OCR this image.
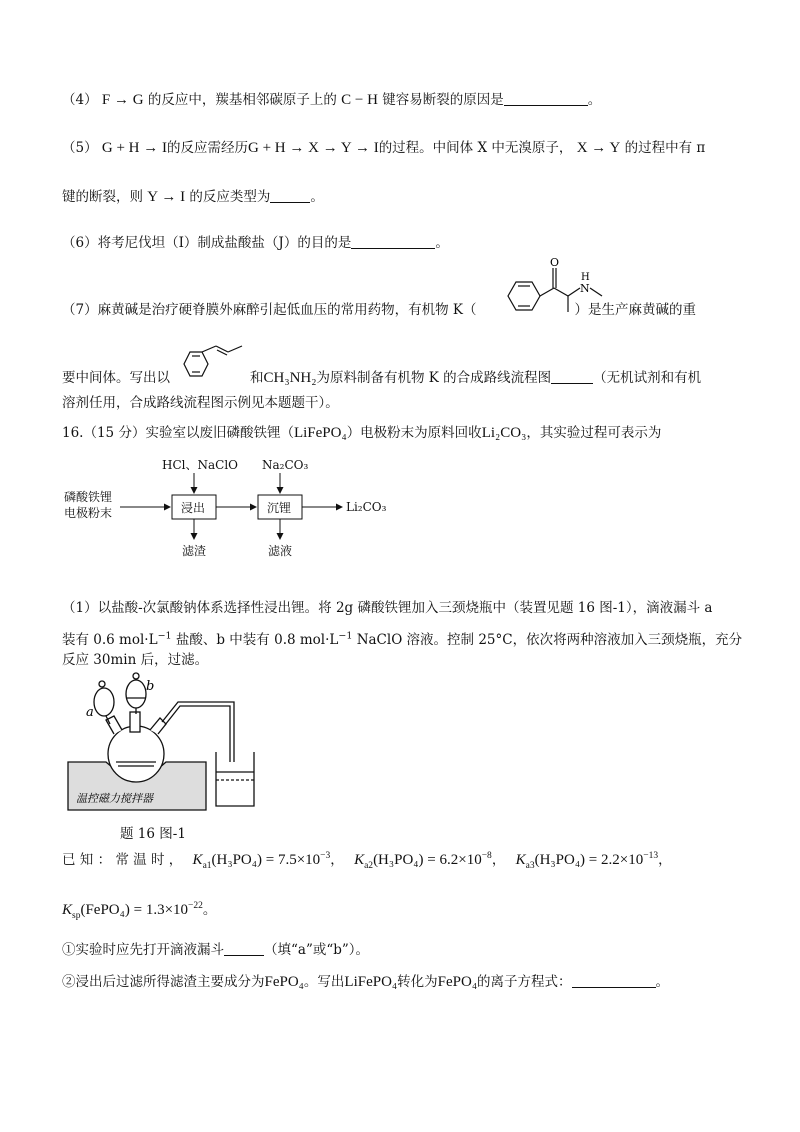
（4） F → G 的反应中，羰基相邻碳原子上的 C − H 键容易断裂的原因是	。
（5） G + H → I的反应需经历G + H → X → Y → I的过程。中间体 X 中无溴原子， X → Y 的过程中有 π
键的断裂，则 Y → I 的反应类型为	。
（6）将考尼伐坦（I）制成盐酸盐（J）的目的是	。
O
N
H
（7）麻黄碱是治疗硬脊膜外麻醉引起低血压的常用药物，有机物 K（	）是生产麻黄碱的重
要中间体。写出以	和CH₃NH₂为原料制备有机物 K 的合成路线流程图	（无机试剂和有机
溶剂任用，合成路线流程图示例见本题题干）。
16.（15 分）实验室以废旧磷酸铁锂（LiFePO₄）电极粉末为原料回收Li₂CO₃，其实验过程可表示为
HCl、NaClO Na₂CO₃
磷酸铁锂
电极粉末	浸出	沉锂	Li₂CO₃
滤渣	滤液
（1）以盐酸-次氯酸钠体系选择性浸出锂。将 2g 磷酸铁锂加入三颈烧瓶中（装置见题 16 图-1），滴液漏斗 a
装有 0.6 $mol\cdot L^{-1}$ 盐酸、b 中装有 0.8 $mol\cdot L^{-1}$ NaClO 溶液。控制 25°C，依次将两种溶液加入三颈烧瓶，充分
反应 30min 后，过滤。
a
b
温控磁力搅拌器
题 16 图-1
已 知 ： 常 温 时 ， $K_{a1}(H_3PO_4) = 7.5\times 10^{-3}$， $K_{a2}(H_3PO_4) = 6.2\times 10^{-8}$， $K_{a3}(H_3PO_4) = 2.2\times 10^{-13}$，
$K_{sp}(FePO_4) = 1.3\times 10^{-22}$。
①实验时应先打开滴液漏斗	（填“a”或“b”）。
②浸出后过滤所得滤渣主要成分为FePO₄。写出LiFePO₄转化为FePO₄的离子方程式：	。
